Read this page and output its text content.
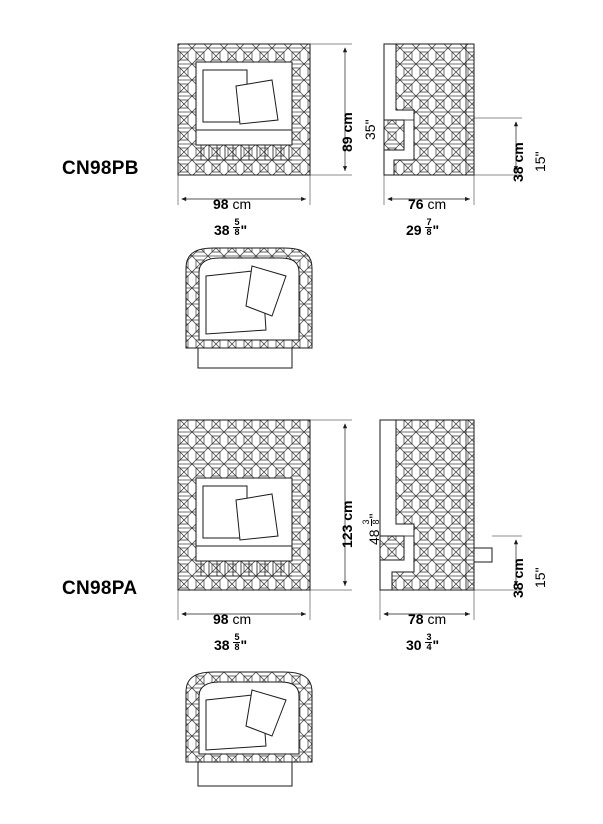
CN98PB
89 cm 35"
38 cm 15"
98 cm
$38 \frac{5}{8}$ "
76 cm
$29 \frac{7}{8}$ "
CN98PA
123 cm 48
3 8
"
38 cm 15"
98 cm
$38 \frac{5}{8}$ "
78 cm
$30 \frac{3}{4}$ "
